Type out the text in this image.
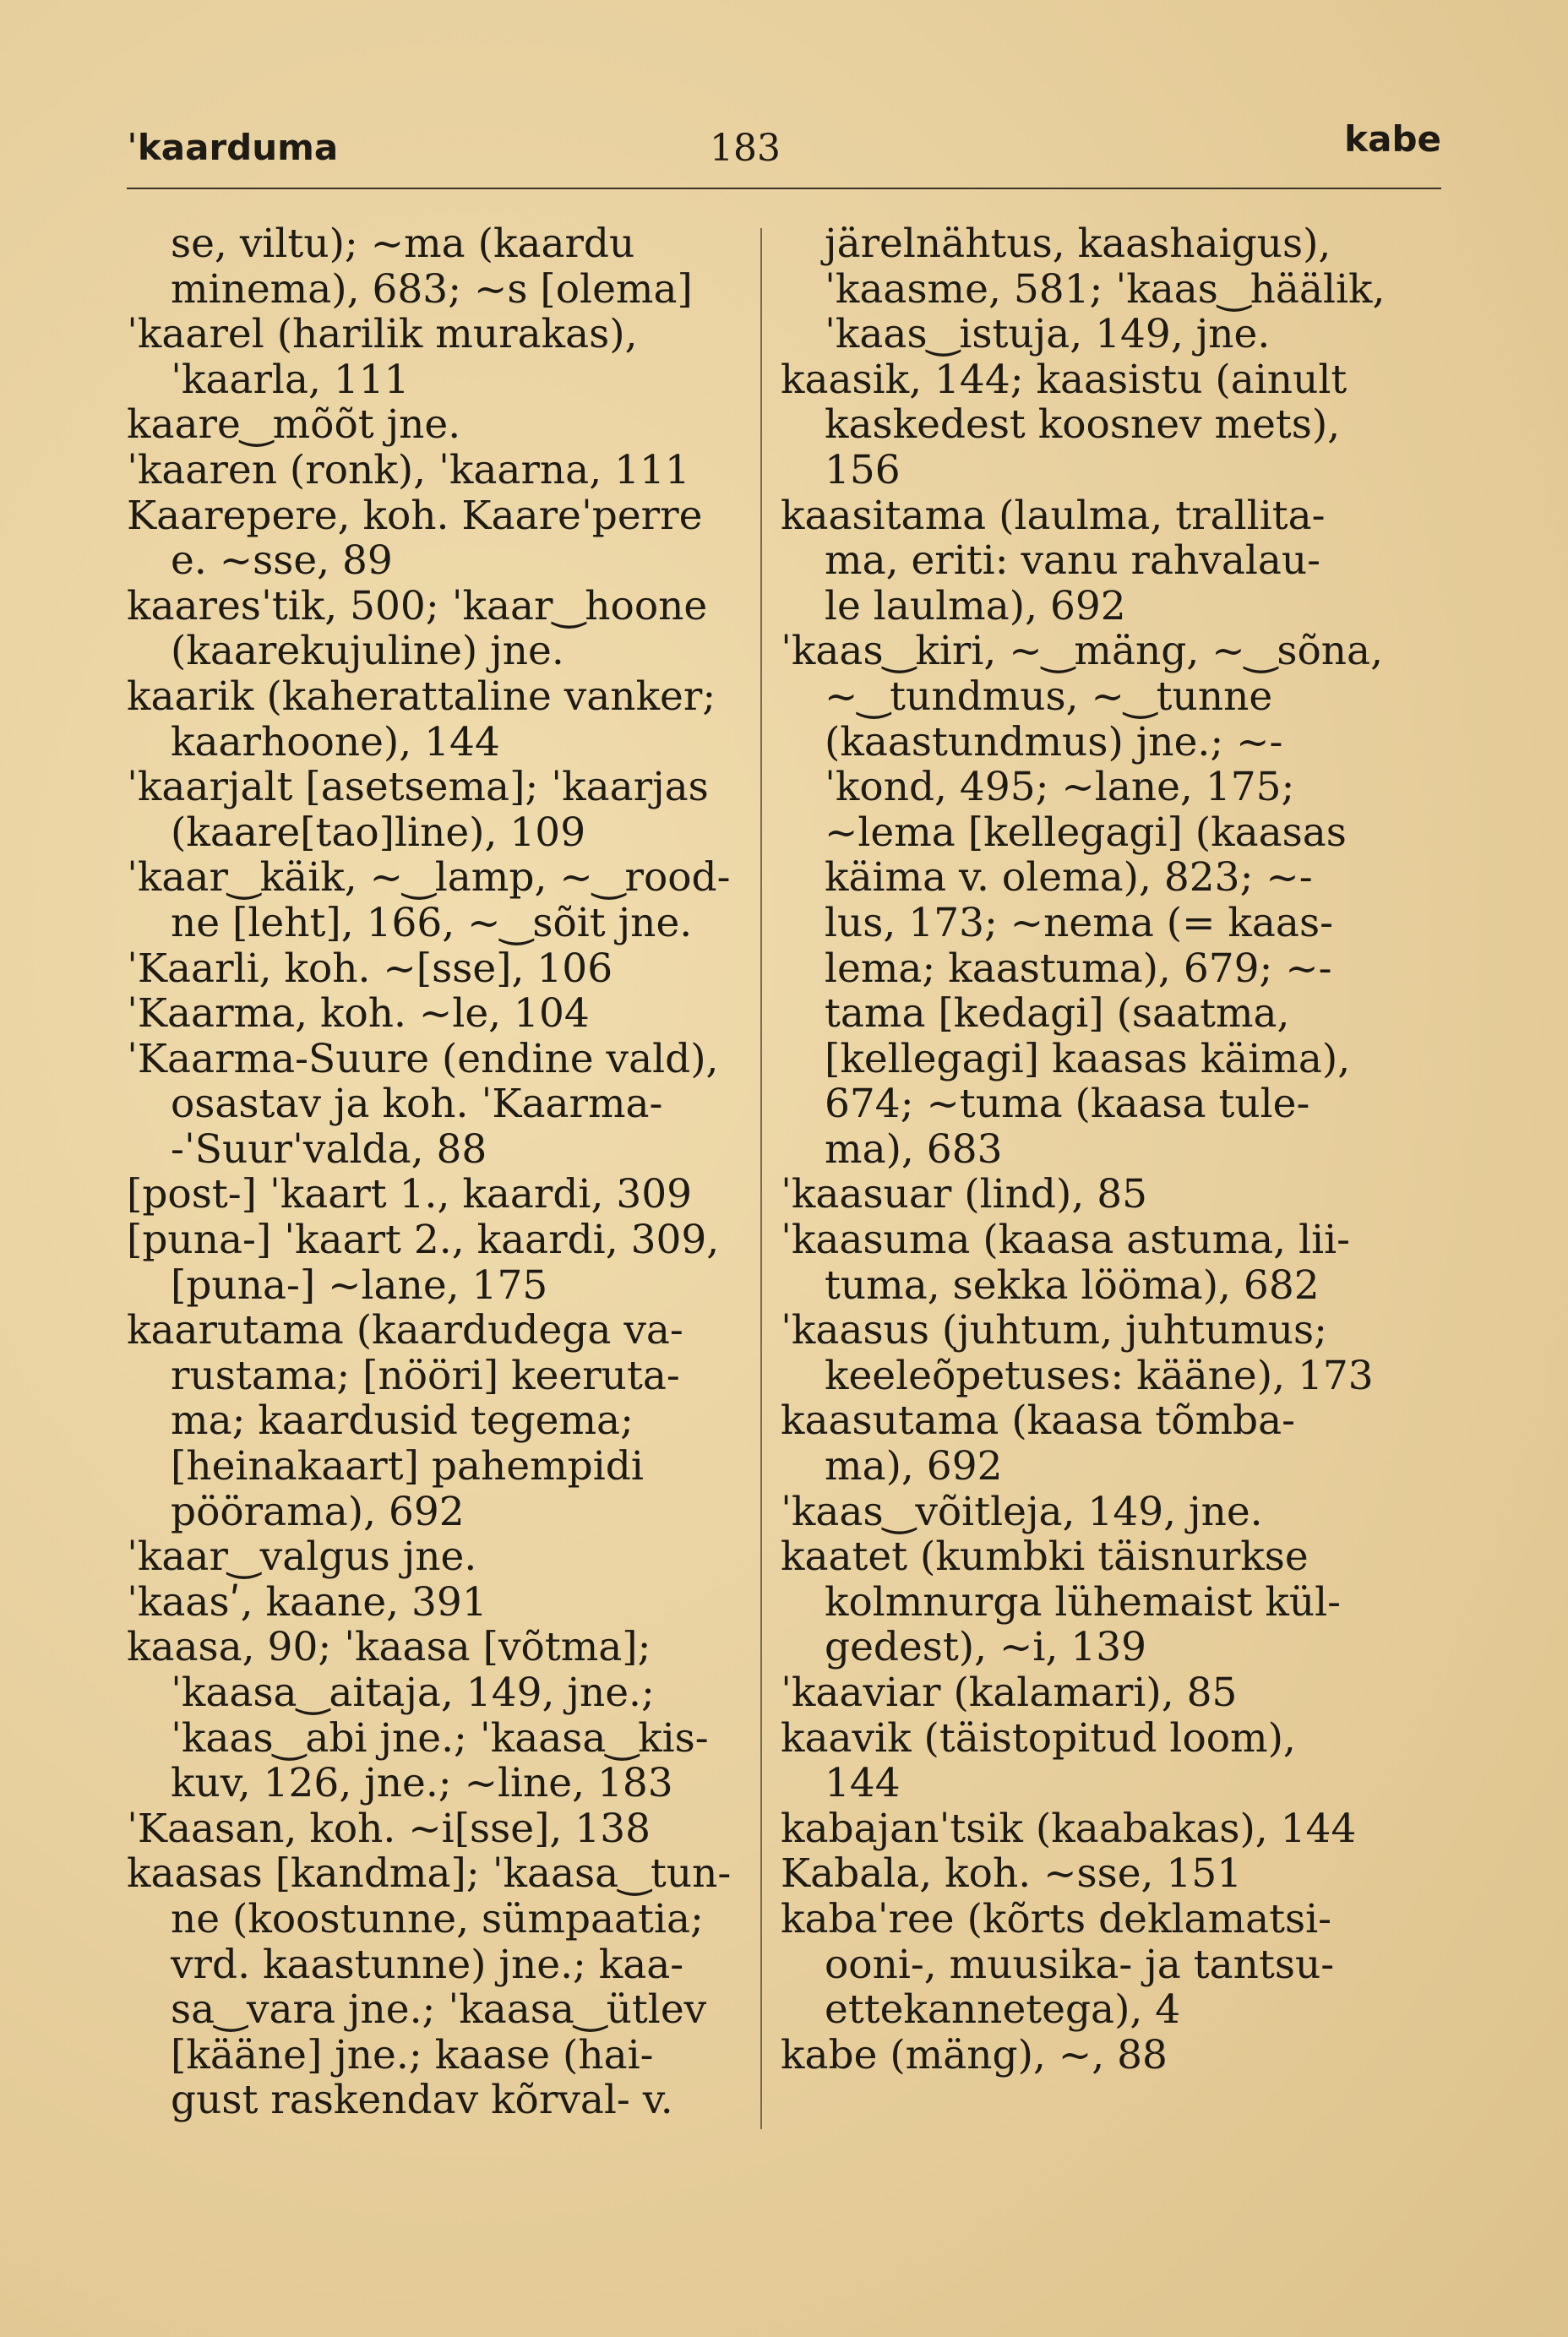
ˈkaarduma	183	kabe
se, viltu); ~ma (kaardu
minema), 683; ~s [olema]
ˈkaarel (harilik murakas),
ˈkaarla, 111
kaare‿mõõt jne.
ˈkaaren (ronk), ˈkaarna, 111
Kaarepere, koh. Kaareˈperre
e. ~sse, 89
kaaresˈtik, 500; ˈkaar‿hoone
(kaarekujuline) jne.
kaarik (kaherattaline vanker;
kaarhoone), 144
ˈkaarjalt [asetsema]; ˈkaarjas
(kaare[tao]line), 109
ˈkaar‿käik, ~‿lamp, ~‿rood-
ne [leht], 166, ~‿sõit jne.
ˈKaarli, koh. ~[sse], 106
ˈKaarma, koh. ~le, 104
ˈKaarma-Suure (endine vald),
osastav ja koh. ˈKaarma-
-ˈSuurˈvalda, 88
[post-] ˈkaart 1., kaardi, 309
[puna-] ˈkaart 2., kaardi, 309,
[puna-] ~lane, 175
kaarutama (kaardudega va-
rustama; [nööri] keeruta-
ma; kaardusid tegema;
[heinakaart] pahempidi
pöörama), 692
ˈkaar‿valgus jne.
ˈkaasʹ, kaane, 391
kaasa, 90; ˈkaasa [võtma];
ˈkaasa‿aitaja, 149, jne.;
ˈkaas‿abi jne.; ˈkaasa‿kis-
kuv, 126, jne.; ~line, 183
ˈKaasan, koh. ~i[sse], 138
kaasas [kandma]; ˈkaasa‿tun-
ne (koostunne, sümpaatia;
vrd. kaastunne) jne.; kaa-
sa‿vara jne.; ˈkaasa‿ütlev
[kääne] jne.; kaase (hai-
gust raskendav kõrval- v.
järelnähtus, kaashaigus),
ˈkaasme, 581; ˈkaas‿häälik,
ˈkaas‿istuja, 149, jne.
kaasik, 144; kaasistu (ainult
kaskedest koosnev mets),
156
kaasitama (laulma, trallita-
ma, eriti: vanu rahvalau-
le laulma), 692
ˈkaas‿kiri, ~‿mäng, ~‿sõna,
~‿tundmus, ~‿tunne
(kaastundmus) jne.; ~-
ˈkond, 495; ~lane, 175;
~lema [kellegagi] (kaasas
käima v. olema), 823; ~-
lus, 173; ~nema (= kaas-
lema; kaastuma), 679; ~-
tama [kedagi] (saatma,
[kellegagi] kaasas käima),
674; ~tuma (kaasa tule-
ma), 683
ˈkaasuar (lind), 85
ˈkaasuma (kaasa astuma, lii-
tuma, sekka lööma), 682
ˈkaasus (juhtum, juhtumus;
keeleõpetuses: kääne), 173
kaasutama (kaasa tõmba-
ma), 692
ˈkaas‿võitleja, 149, jne.
kaatet (kumbki täisnurkse
kolmnurga lühemaist kül-
gedest), ~i, 139
ˈkaaviar (kalamari), 85
kaavik (täistopitud loom),
144
kabajanˈtsik (kaabakas), 144
Kabala, koh. ~sse, 151
kabaˈree (kõrts deklamatsi-
ooni-, muusika- ja tantsu-
ettekannetega), 4
kabe (mäng), ~, 88
